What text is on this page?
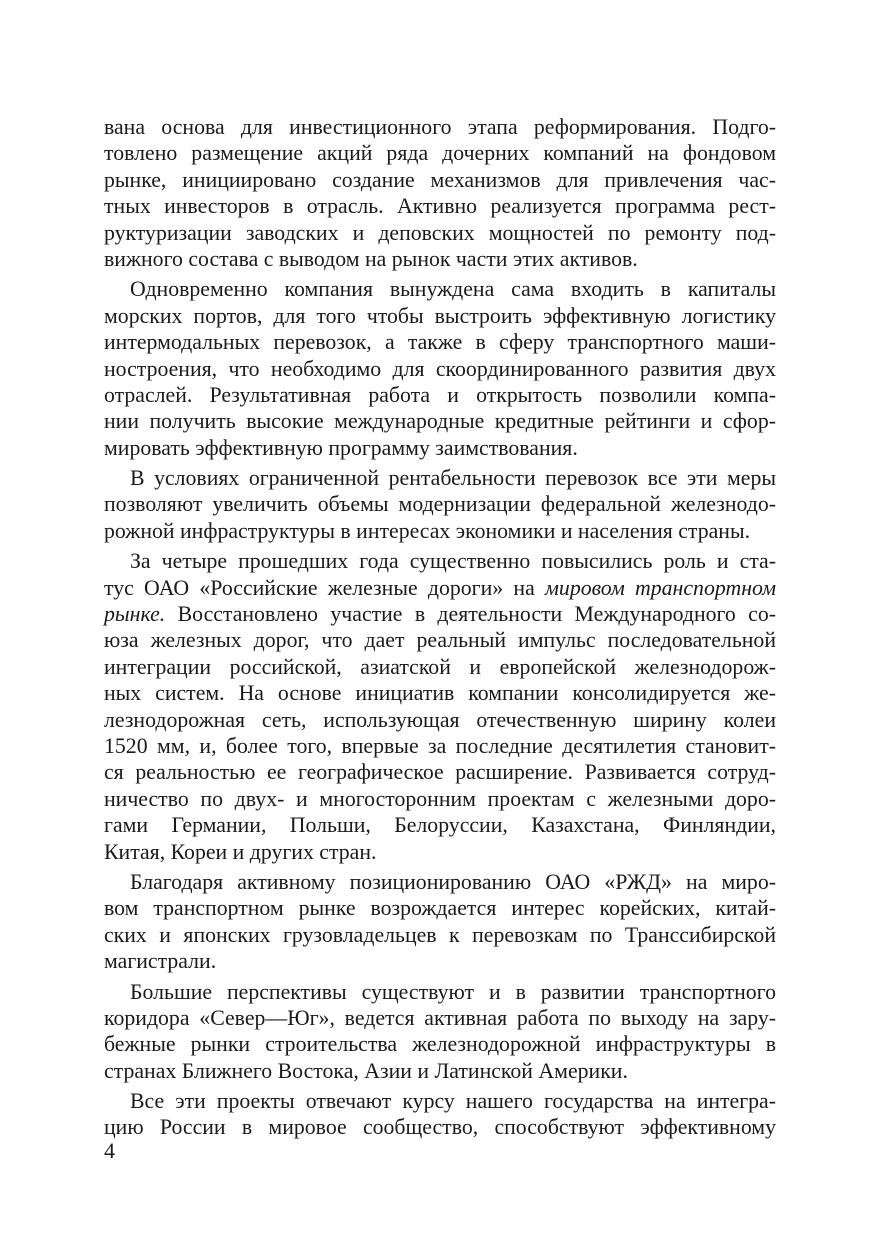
вана основа для инвестиционного этапа реформирования. Подго-
товлено размещение акций ряда дочерних компаний на фондовом
рынке, инициировано создание механизмов для привлечения час-
тных инвесторов в отрасль. Активно реализуется программа рест-
руктуризации заводских и деповских мощностей по ремонту под-
вижного состава с выводом на рынок части этих активов.
Одновременно компания вынуждена сама входить в капиталы
морских портов, для того чтобы выстроить эффективную логистику
интермодальных перевозок, а также в сферу транспортного маши-
ностроения, что необходимо для скоординированного развития двух
отраслей. Результативная работа и открытость позволили компа-
нии получить высокие международные кредитные рейтинги и сфор-
мировать эффективную программу заимствования.
В условиях ограниченной рентабельности перевозок все эти меры
позволяют увеличить объемы модернизации федеральной железнодо-
рожной инфраструктуры в интересах экономики и населения страны.
За четыре прошедших года существенно повысились роль и ста-
тус ОАО «Российские железные дороги» на мировом транспортном
рынке. Восстановлено участие в деятельности Международного со-
юза железных дорог, что дает реальный импульс последовательной
интеграции российской, азиатской и европейской железнодорож-
ных систем. На основе инициатив компании консолидируется же-
лезнодорожная сеть, использующая отечественную ширину колеи
1520 мм, и, более того, впервые за последние десятилетия становит-
ся реальностью ее географическое расширение. Развивается сотруд-
ничество по двух- и многосторонним проектам с железными доро-
гами Германии, Польши, Белоруссии, Казахстана, Финляндии,
Китая, Кореи и других стран.
Благодаря активному позиционированию ОАО «РЖД» на миро-
вом транспортном рынке возрождается интерес корейских, китай-
ских и японских грузовладельцев к перевозкам по Транссибирской
магистрали.
Большие перспективы существуют и в развитии транспортного
коридора «Север—Юг», ведется активная работа по выходу на зару-
бежные рынки строительства железнодорожной инфраструктуры в
странах Ближнего Востока, Азии и Латинской Америки.
Все эти проекты отвечают курсу нашего государства на интегра-
цию России в мировое сообщество, способствуют эффективному
4
